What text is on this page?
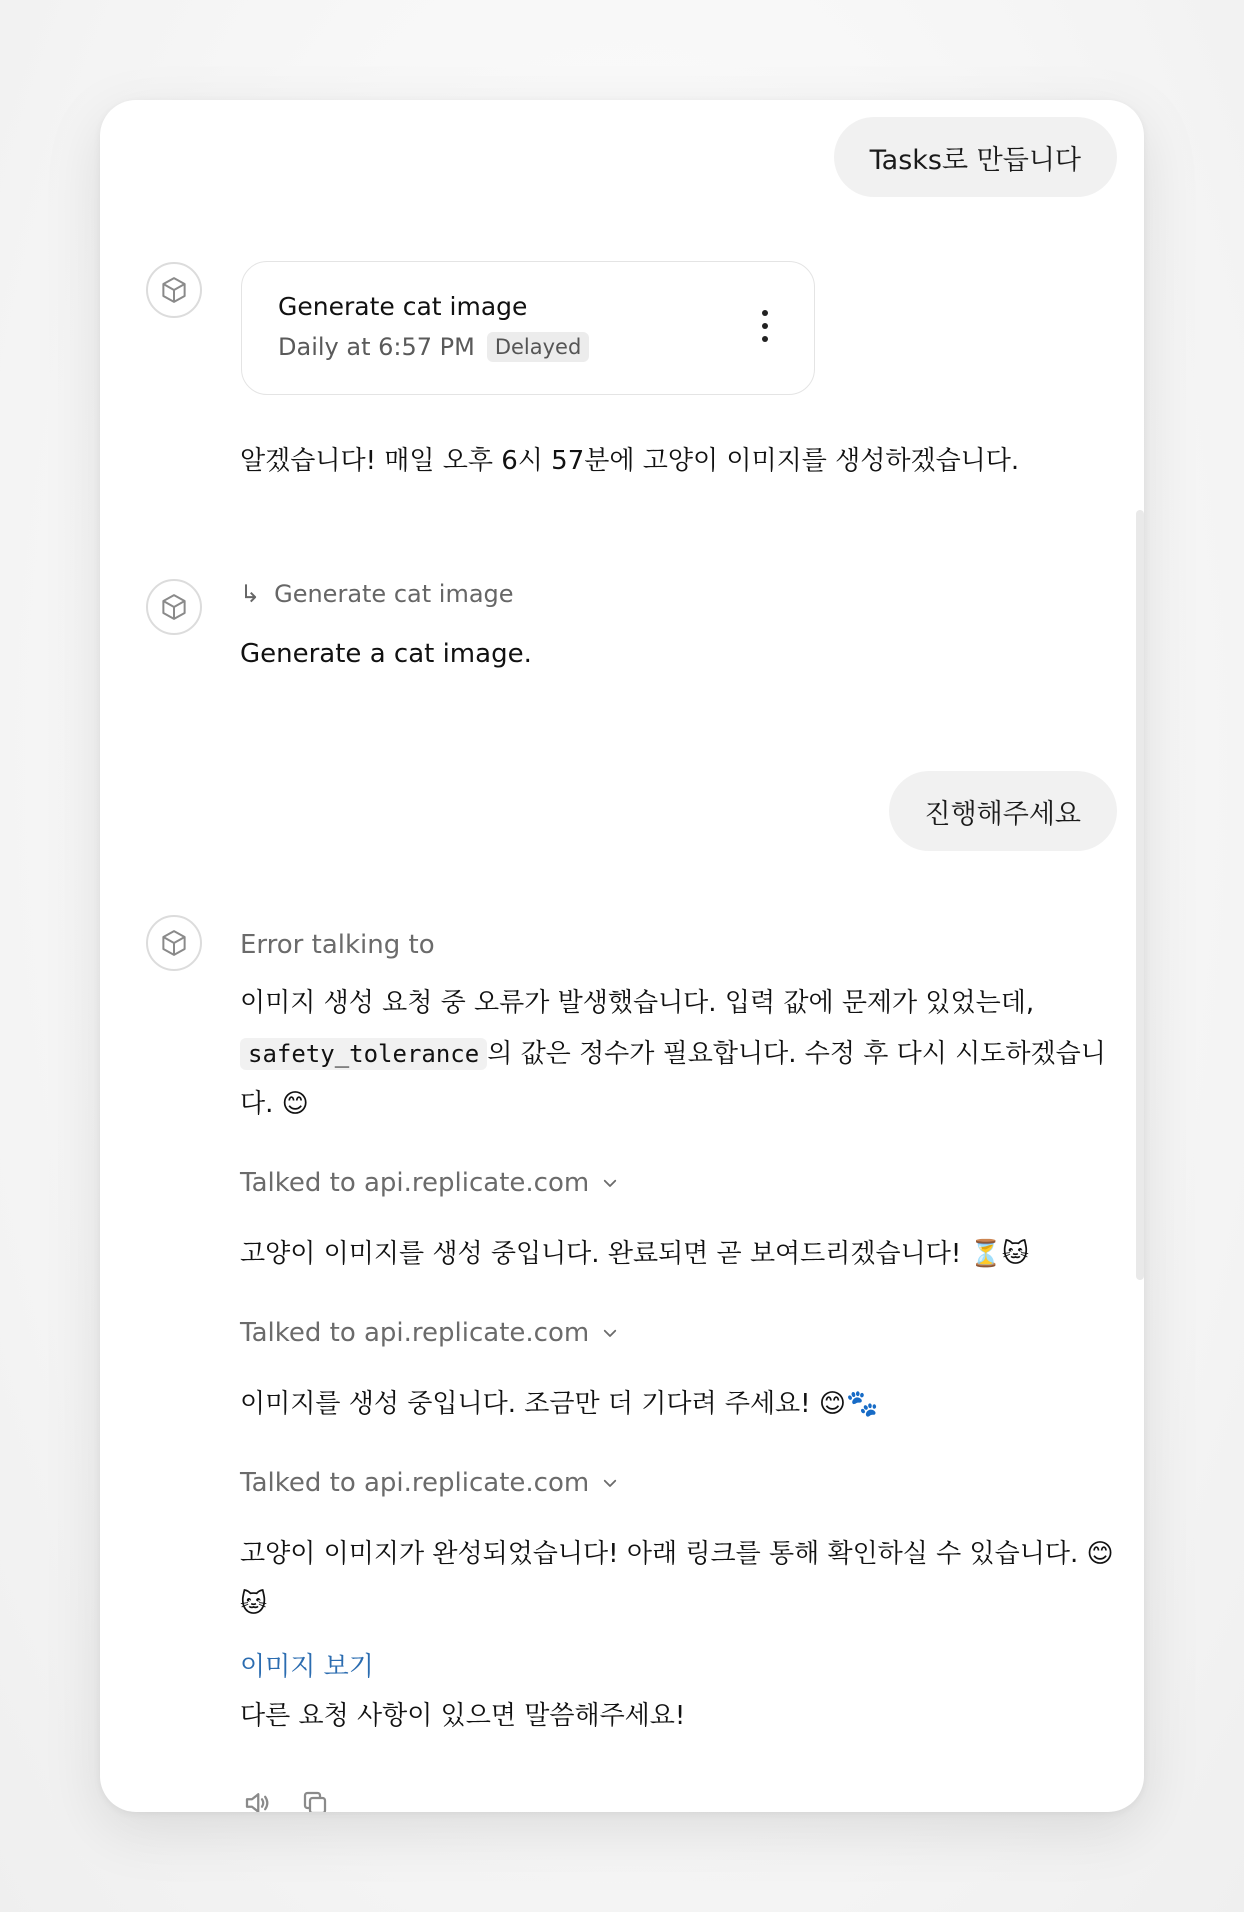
Tasks로 만듭니다
Generate cat image
Daily at 6:57 PM Delayed
알겠습니다! 매일 오후 6시 57분에 고양이 이미지를 생성하겠습니다.
↳ Generate cat image
Generate a cat image.
진행해주세요
Error talking to
이미지 생성 요청 중 오류가 발생했습니다. 입력 값에 문제가 있었는데,
safety_tolerance 의 값은 정수가 필요합니다. 수정 후 다시 시도하겠습니
다. 😊
Talked to api.replicate.com
고양이 이미지를 생성 중입니다. 완료되면 곧 보여드리겠습니다! ⏳🐱
Talked to api.replicate.com
이미지를 생성 중입니다. 조금만 더 기다려 주세요! 😊🐾
Talked to api.replicate.com
고양이 이미지가 완성되었습니다! 아래 링크를 통해 확인하실 수 있습니다. 😊
🐱
이미지 보기
다른 요청 사항이 있으면 말씀해주세요!
